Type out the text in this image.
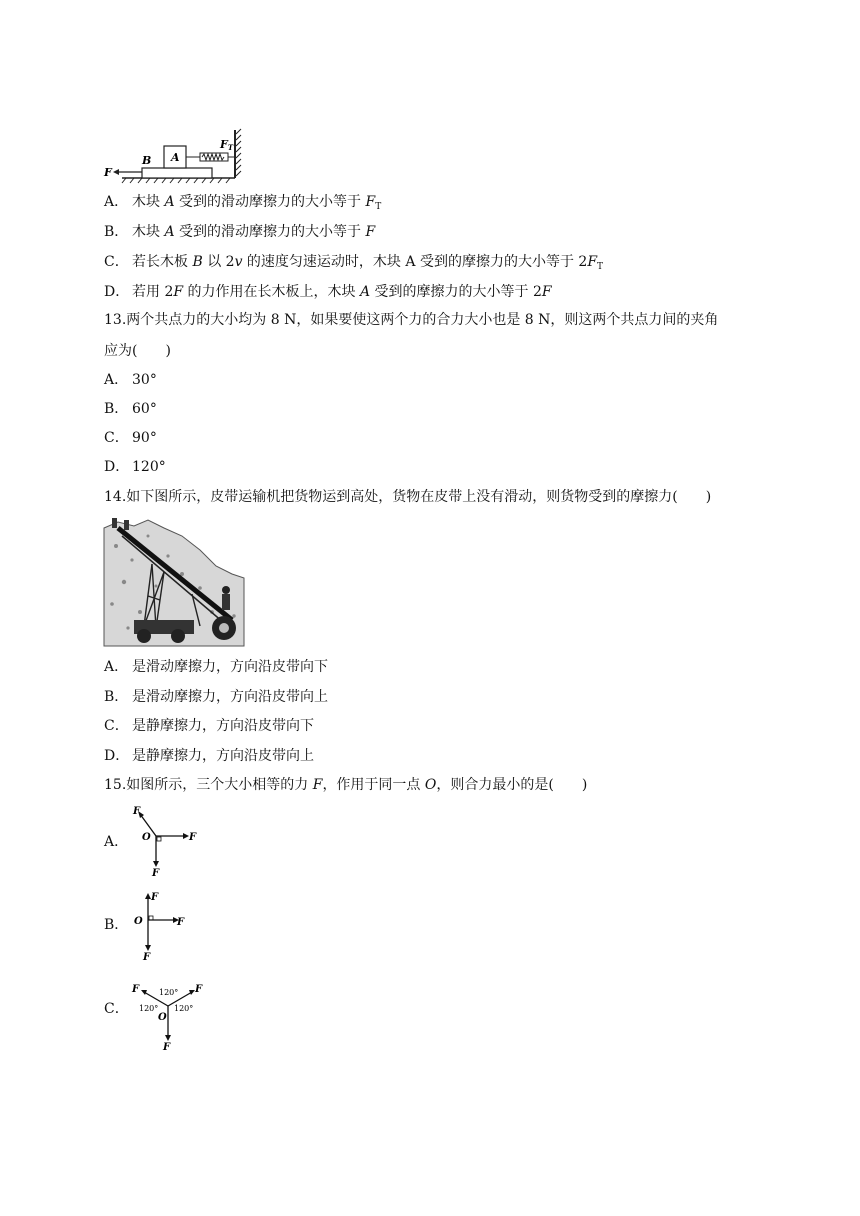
F
B A
FT
A． 木块 A 受到的滑动摩擦力的大小等于 $F_T$
B． 木块 A 受到的滑动摩擦力的大小等于 F
C． 若长木板 B 以 2v 的速度匀速运动时，木块 A 受到的摩擦力的大小等于 $2F_T$
D． 若用 2F 的力作用在长木板上，木块 A 受到的摩擦力的大小等于 2F
13.两个共点力的大小均为 8 N，如果要使这两个力的合力大小也是 8 N，则这两个共点力间的夹角
应为(　　)
A． 30°
B． 60°
C． 90°
D． 120°
14.如下图所示，皮带运输机把货物运到高处，货物在皮带上没有滑动，则货物受到的摩擦力(　　)
A． 是滑动摩擦力，方向沿皮带向下
B． 是滑动摩擦力，方向沿皮带向上
C． 是静摩擦力，方向沿皮带向下
D． 是静摩擦力，方向沿皮带向上
15.如图所示，三个大小相等的力 F，作用于同一点 O，则合力最小的是(　　)
A．
F
O	F
F
B．
F
O	F
F
C．
F	F
120°
120° 120°
O
F
